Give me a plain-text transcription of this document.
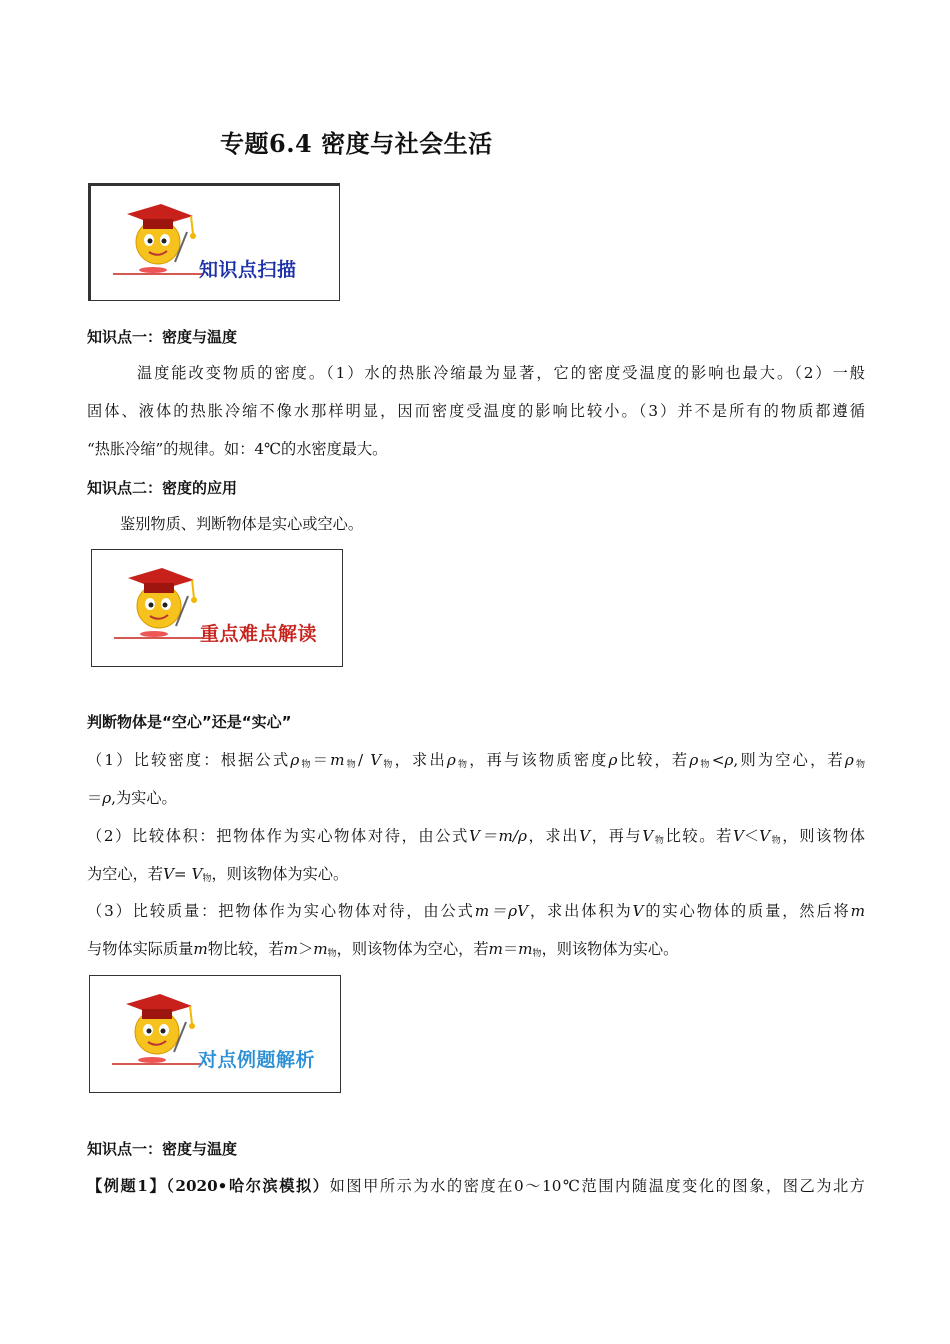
专题6.4 密度与社会生活
知识点扫描
知识点一：密度与温度
温度能改变物质的密度。（1）水的热胀冷缩最为显著，它的密度受温度的影响也最大。（2）一般
固体、液体的热胀冷缩不像水那样明显，因而密度受温度的影响比较小。（3）并不是所有的物质都遵循
“热胀冷缩”的规律。如：4℃的水密度最大。
知识点二：密度的应用
鉴别物质、判断物体是实心或空心。
重点难点解读
判断物体是“空心”还是“实心”
（1）比较密度：根据公式$\rho_物=m_物/$ $V_物$，求出$\rho_物$，再与该物质密度ρ比较，若$\rho_物<\rho$,则为空心，若$\rho_物$
＝ρ,为实心。
（2）比较体积：把物体作为实心物体对待，由公式V＝m/ρ，求出V，再与$V_物$比较。若$V<V_物$，则该物体
为空心，若$V= V_物$，则该物体为实心。
（3）比较质量：把物体作为实心物体对待，由公式m＝ρV，求出体积为V的实心物体的质量，然后将m
与物体实际质量m物比较，若$m>m_物$，则该物体为空心，若$m=m_物$，则该物体为实心。
对点例题解析
知识点一：密度与温度
【例题1】（2020•哈尔滨模拟）如图甲所示为水的密度在0～10℃范围内随温度变化的图象，图乙为北方
